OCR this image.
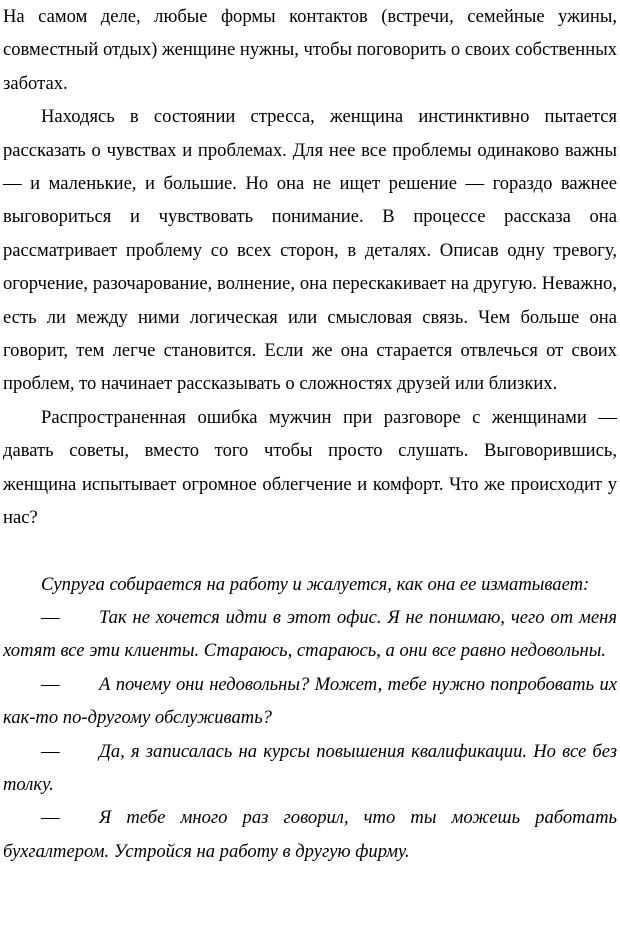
На самом деле, любые формы контактов (встречи, семейные ужины, совместный отдых) женщине нужны, чтобы поговорить о своих собственных заботах.

Находясь в состоянии стресса, женщина инстинктивно пытается рассказать о чувствах и проблемах. Для нее все проблемы одинаково важны — и маленькие, и большие. Но она не ищет решение — гораздо важнее выговориться и чувствовать понимание. В процессе рассказа она рассматривает проблему со всех сторон, в деталях. Описав одну тревогу, огорчение, разочарование, волнение, она перескакивает на другую. Неважно, есть ли между ними логическая или смысловая связь. Чем больше она говорит, тем легче становится. Если же она старается отвлечься от своих проблем, то начинает рассказывать о сложностях друзей или близких.

Распространенная ошибка мужчин при разговоре с женщинами — давать советы, вместо того чтобы просто слушать. Выговорившись, женщина испытывает огромное облегчение и комфорт. Что же происходит у нас?

Супруга собирается на работу и жалуется, как она ее изматывает:

— Так не хочется идти в этот офис. Я не понимаю, чего от меня хотят все эти клиенты. Стараюсь, стараюсь, а они все равно недовольны.

— А почему они недовольны? Может, тебе нужно попробовать их как-то по-другому обслуживать?

— Да, я записалась на курсы повышения квалификации. Но все без толку.

— Я тебе много раз говорил, что ты можешь работать бухгалтером. Устройся на работу в другую фирму.
